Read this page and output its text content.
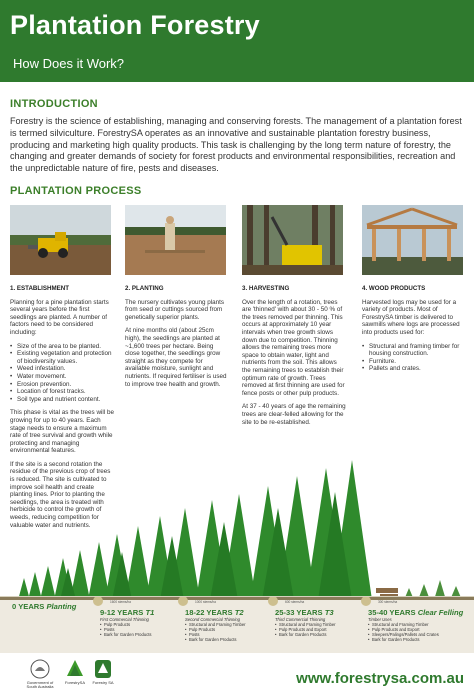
Plantation Forestry
How Does it Work?
INTRODUCTION
Forestry is the science of establishing, managing and conserving forests. The management of a plantation forest is termed silviculture. ForestrySA operates as an innovative and sustainable plantation forestry business, producing and marketing high quality products. This task is challenging by the long term nature of forestry, the changing and greater demands of society for forest products and environmental responsibilities, recreation and the unpredictable nature of fire, pests and diseases.
PLANTATION PROCESS
1. ESTABLISHMENT

Planning for a pine plantation starts several years before the first seedlings are planted. A number of factors need to be considered including:

• Size of the area to be planted.
• Existing vegetation and protection of biodiversity values.
• Weed infestation.
• Water movement.
• Erosion prevention.
• Location of forest tracks.
• Soil type and nutrient content.

This phase is vital as the trees will be growing for up to 40 years. Each stage needs to ensure a maximum rate of tree survival and growth while protecting and managing environmental features.

If the site is a second rotation the residue of the previous crop of trees is reduced. The site is cultivated to improve soil health and create planting lines. Prior to planting the seedlings, the area is treated with herbicide to control the growth of weeds, reducing competition for valuable water and nutrients.

2. PLANTING

The nursery cultivates young plants from seed or cuttings sourced from genetically superior plants.

At nine months old (about 25cm high), the seedlings are planted at ~1,600 trees per hectare. Being close together, the seedlings grow straight as they compete for available moisture, sunlight and nutrients. If required fertiliser is used to improve tree health and growth.

3. HARVESTING

Over the length of a rotation, trees are 'thinned' with about 30 - 50 % of the trees removed per thinning. This occurs at approximately 10 year intervals when tree growth slows down due to competition. Thinning allows the remaining trees more space to obtain water, light and nutrients from the soil. This allows the remaining trees to establish their optimum rate of growth. Trees removed at first thinning are used for fence posts or other pulp products.

At 37 - 40 years of age the remaining trees are clear-felled allowing for the site to be re-established.

4. WOOD PRODUCTS

Harvested logs may be used for a variety of products. Most of ForestrySA timber is delivered to sawmills where logs are processed into products used for:

• Structural and framing timber for housing construction.
• Furniture.
• Pallets and crates.
0 YEARS Planting	1600 stems/ha
9-12 YEARS T1
First Commercial Thinning
• Pulp Products
• Posts
• Bark for Garden Products
1000 stems/ha
18-22 YEARS T2
Second Commercial Thinning
• Structural and Framing Timber
• Pulp Products
• Posts
• Bark for Garden Products
600 stems/ha
25-33 YEARS T3
Third Commercial Thinning
• Structural and Framing Timber
• Pulp Products and Export
• Bark for Garden Products
300 stems/ha
35-40 YEARS Clear Felling
Timber Uses
• Structural and Framing Timber
• Pulp Products and Export
• Sleepers/Palings/Pallets and Crates
• Bark for Garden Products
Government of South Australia
ForestrySA	Forestry SA	www.forestrysa.com.au
